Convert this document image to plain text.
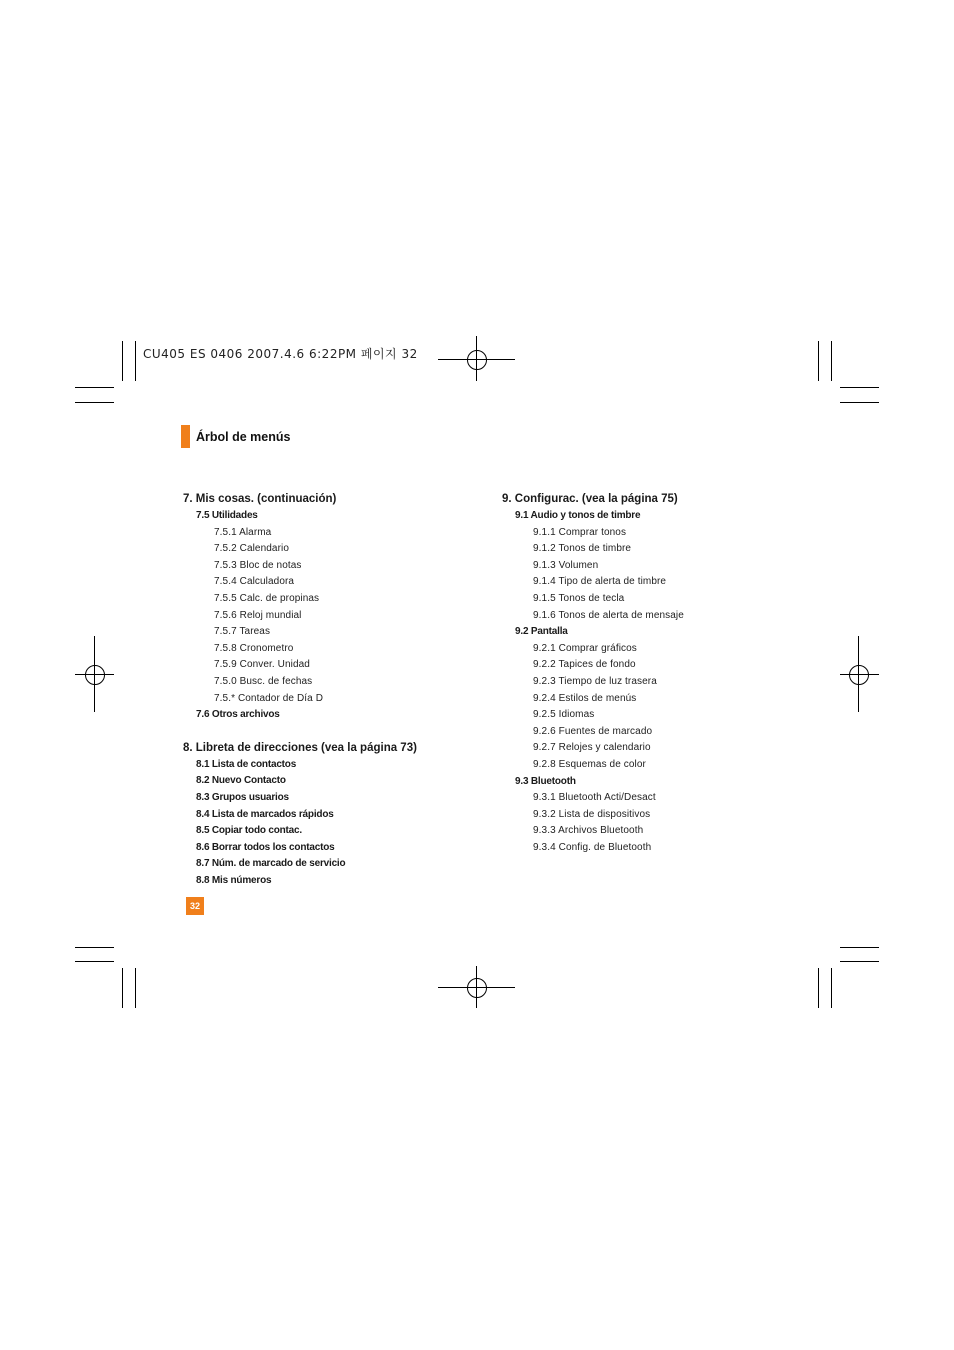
CU405 ES 0406 2007.4.6 6:22PM 페이지 32
Árbol de menús
7. Mis cosas. (continuación)
7.5 Utilidades
7.5.1 Alarma
7.5.2 Calendario
7.5.3 Bloc de notas
7.5.4 Calculadora
7.5.5 Calc. de propinas
7.5.6 Reloj mundial
7.5.7 Tareas
7.5.8 Cronometro
7.5.9 Conver. Unidad
7.5.0 Busc. de fechas
7.5.* Contador de Día D
7.6 Otros archivos
8. Libreta de direcciones (vea la página 73)
8.1 Lista de contactos
8.2 Nuevo Contacto
8.3 Grupos usuarios
8.4 Lista de marcados rápidos
8.5 Copiar todo contac.
8.6 Borrar todos los contactos
8.7 Núm. de marcado de servicio
8.8 Mis números
9. Configurac. (vea la página 75)
9.1 Audio y tonos de timbre
9.1.1 Comprar tonos
9.1.2 Tonos de timbre
9.1.3 Volumen
9.1.4 Tipo de alerta de timbre
9.1.5 Tonos de tecla
9.1.6 Tonos de alerta de mensaje
9.2 Pantalla
9.2.1 Comprar gráficos
9.2.2 Tapices de fondo
9.2.3 Tiempo de luz trasera
9.2.4 Estilos de menús
9.2.5 Idiomas
9.2.6 Fuentes de marcado
9.2.7 Relojes y calendario
9.2.8 Esquemas de color
9.3 Bluetooth
9.3.1 Bluetooth Acti/Desact
9.3.2 Lista de dispositivos
9.3.3 Archivos Bluetooth
9.3.4 Config. de Bluetooth
32
